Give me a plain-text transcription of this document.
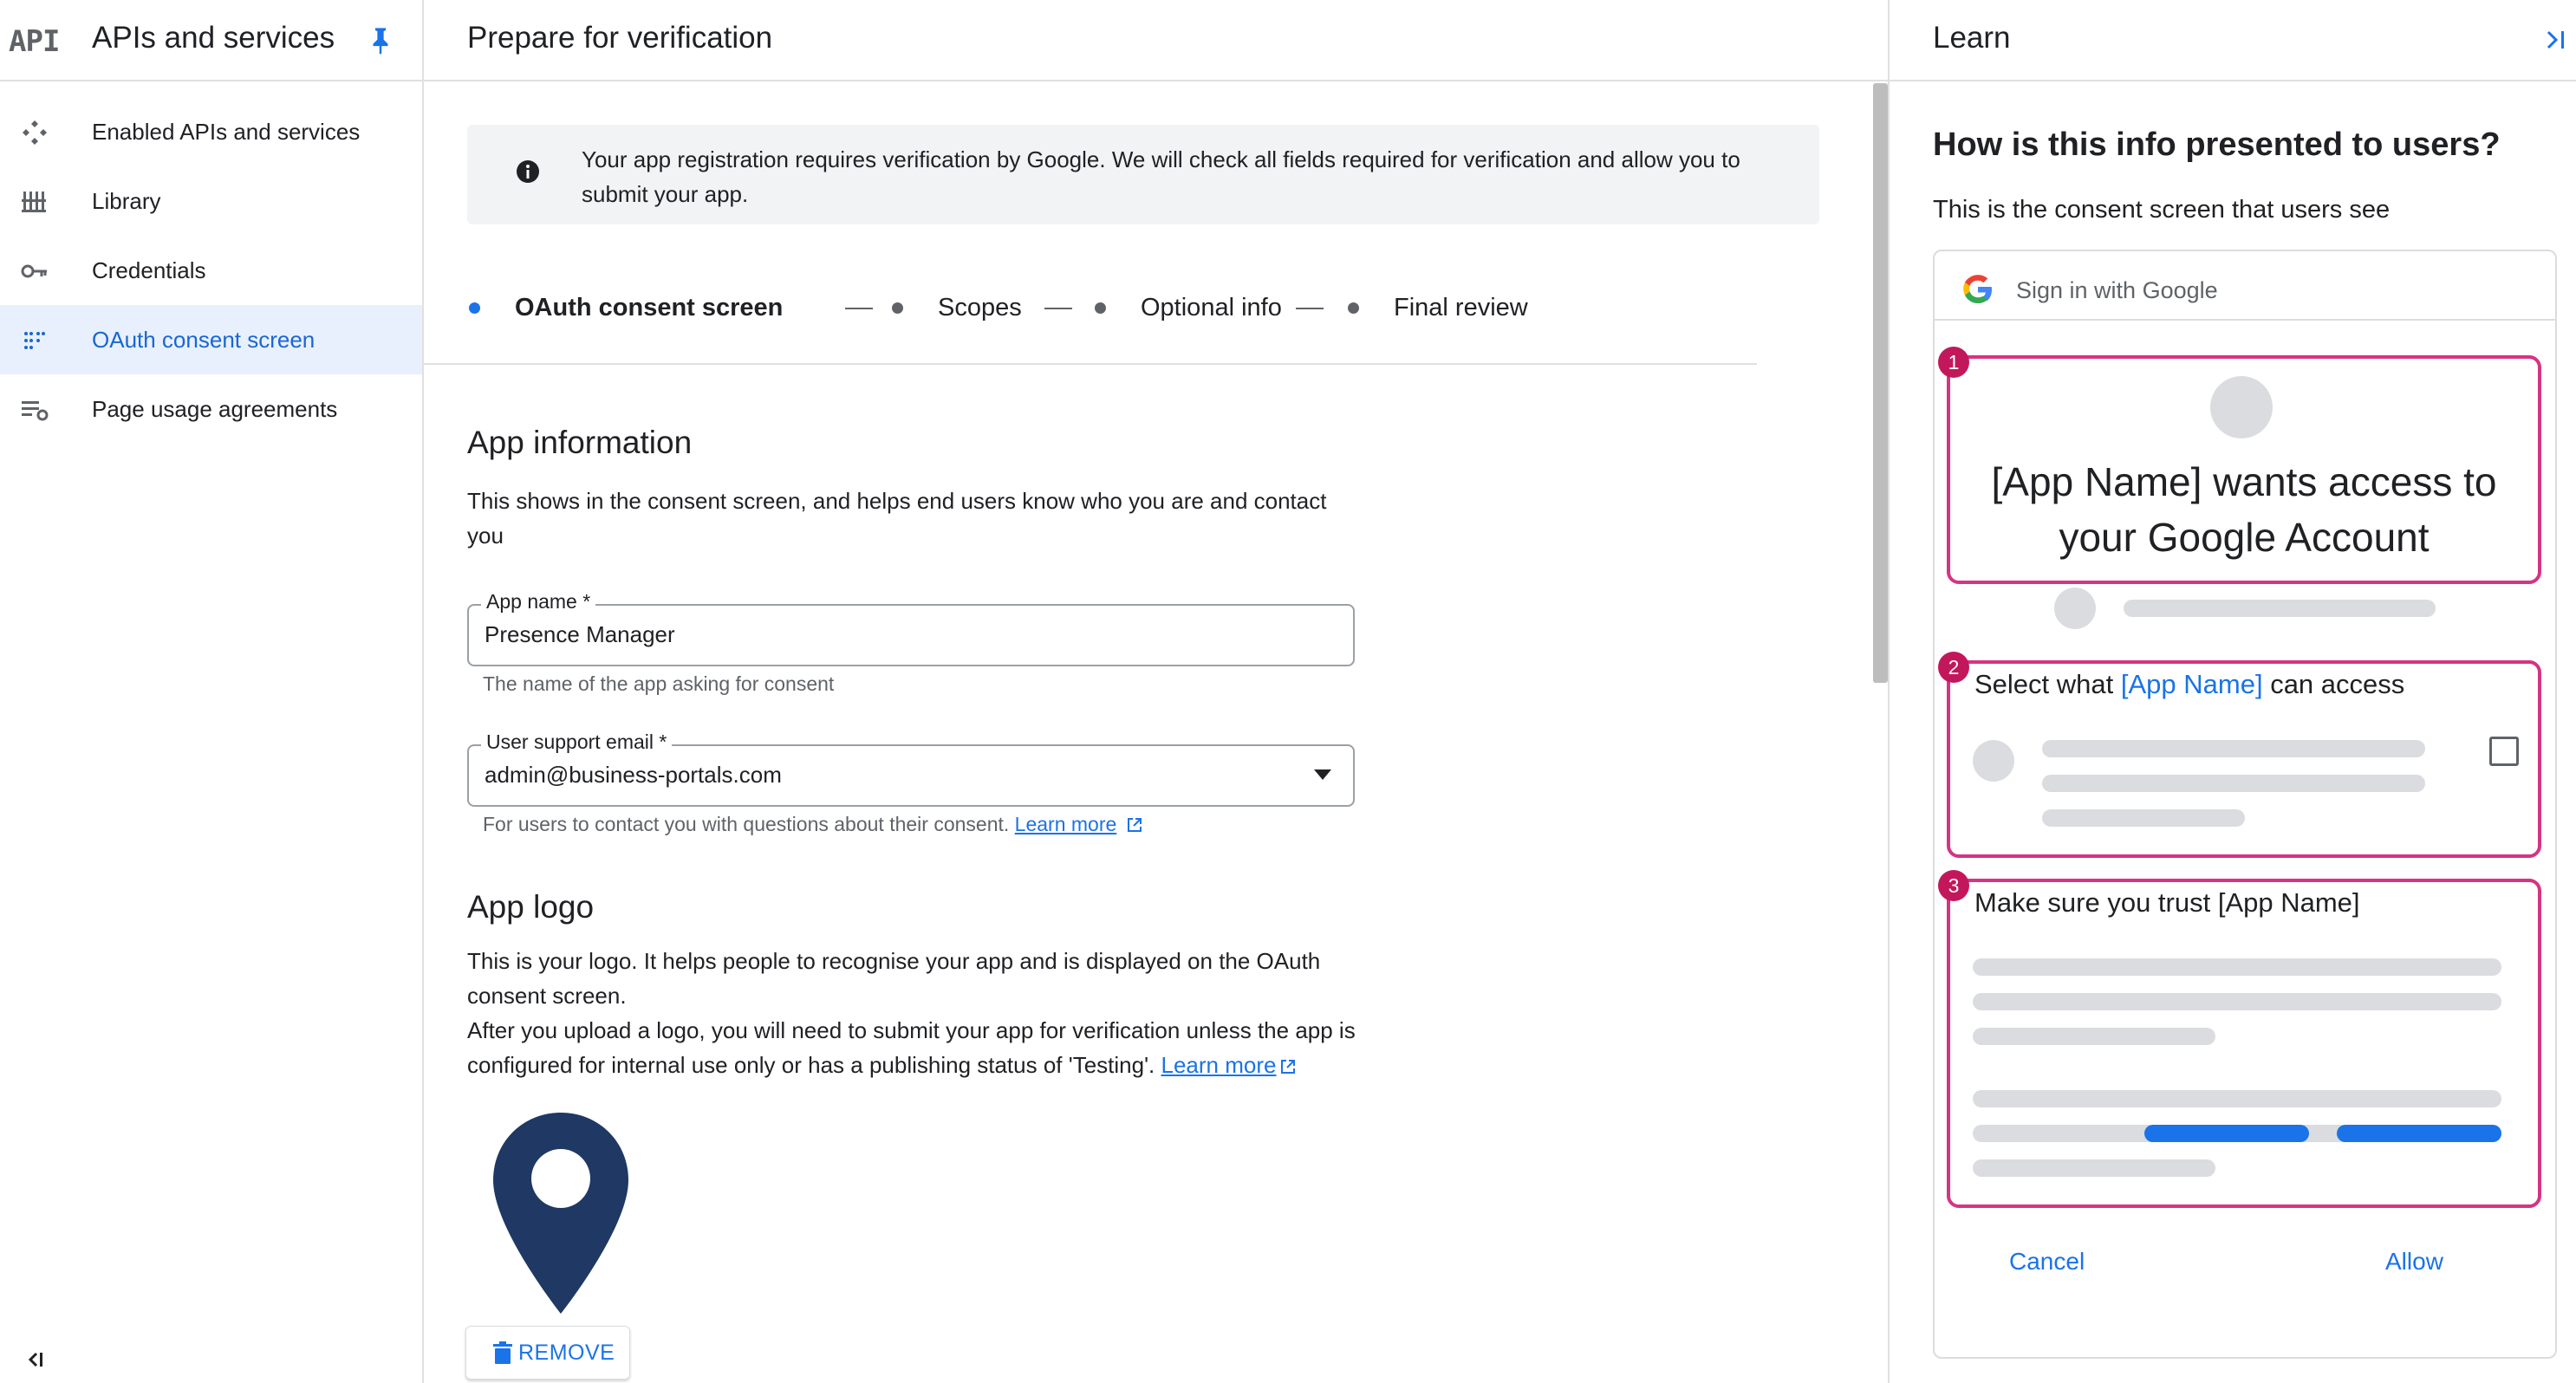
API APIs and services
Enabled APIs and services
Library
Credentials
OAuth consent screen
Page usage agreements
Prepare for verification
Your app registration requires verification by Google. We will check all fields required for verification and allow you to submit your app.
OAuth consent screen	Scopes	Optional info	Final review
App information
This shows in the consent screen, and helps end users know who you are and contact you
App name *
Presence Manager
The name of the app asking for consent
User support email *
admin@business-portals.com
For users to contact you with questions about their consent. Learn more
App logo
This is your logo. It helps people to recognise your app and is displayed on the OAuth consent screen.
After you upload a logo, you will need to submit your app for verification unless the app is configured for internal use only or has a publishing status of 'Testing'. Learn more
REMOVE
Learn
How is this info presented to users?
This is the consent screen that users see
Sign in with Google
1
[App Name] wants access to your Google Account
2
Select what [App Name] can access
3
Make sure you trust [App Name]
Cancel	Allow
